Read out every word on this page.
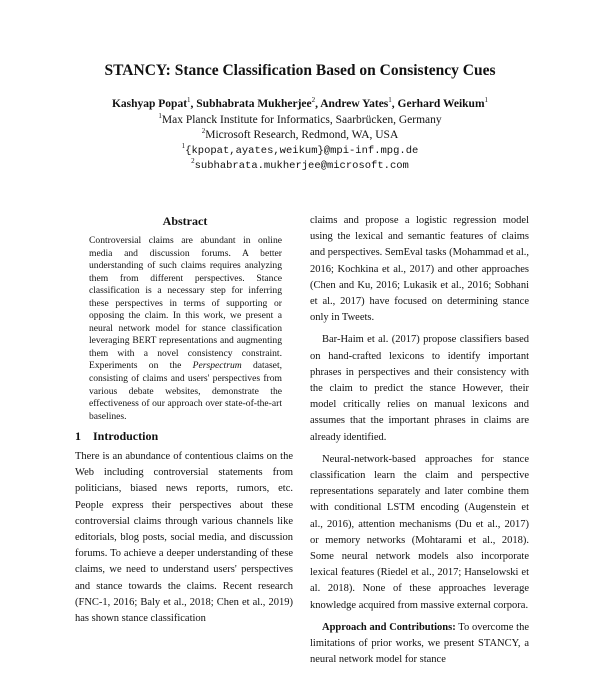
STANCY: Stance Classification Based on Consistency Cues
Kashyap Popat$^1$, Subhabrata Mukherjee$^2$, Andrew Yates$^1$, Gerhard Weikum$^1$
$^1$Max Planck Institute for Informatics, Saarbrücken, Germany
$^2$Microsoft Research, Redmond, WA, USA
$^1${kpopat,ayates,weikum}@mpi-inf.mpg.de
$^2$subhabrata.mukherjee@microsoft.com
Abstract
Controversial claims are abundant in online media and discussion forums. A better understanding of such claims requires analyzing them from different perspectives. Stance classification is a necessary step for inferring these perspectives in terms of supporting or opposing the claim. In this work, we present a neural network model for stance classification leveraging BERT representations and augmenting them with a novel consistency constraint. Experiments on the Perspectrum dataset, consisting of claims and users' perspectives from various debate websites, demonstrate the effectiveness of our approach over state-of-the-art baselines.
1 Introduction
There is an abundance of contentious claims on the Web including controversial statements from politicians, biased news reports, rumors, etc. People express their perspectives about these controversial claims through various channels like editorials, blog posts, social media, and discussion forums. To achieve a deeper understanding of these claims, we need to understand users' perspectives and stance towards the claims. Recent research (FNC-1, 2016; Baly et al., 2018; Chen et al., 2019) has shown stance classification

claims and propose a logistic regression model using the lexical and semantic features of claims and perspectives. SemEval tasks (Mohammad et al., 2016; Kochkina et al., 2017) and other approaches (Chen and Ku, 2016; Lukasik et al., 2016; Sobhani et al., 2017) have focused on determining stance only in Tweets.

Bar-Haim et al. (2017) propose classifiers based on hand-crafted lexicons to identify important phrases in perspectives and their consistency with the claim to predict the stance However, their model critically relies on manual lexicons and assumes that the important phrases in claims are already identified.

Neural-network-based approaches for stance classification learn the claim and perspective representations separately and later combine them with conditional LSTM encoding (Augenstein et al., 2016), attention mechanisms (Du et al., 2017) or memory networks (Mohtarami et al., 2018). Some neural network models also incorporate lexical features (Riedel et al., 2017; Hanselowski et al. 2018). None of these approaches leverage knowledge acquired from massive external corpora.

Approach and Contributions: To overcome the limitations of prior works, we present STANCY, a neural network model for stance
